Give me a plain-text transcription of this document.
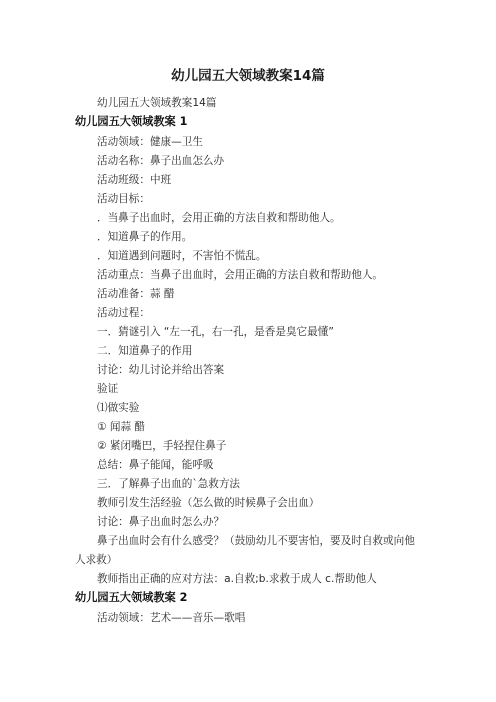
幼儿园五大领域教案14篇
幼儿园五大领域教案14篇
幼儿园五大领域教案 1
活动领域：健康—卫生
活动名称：鼻子出血怎么办
活动班级：中班
活动目标：
．当鼻子出血时，会用正确的方法自救和帮助他人。
．知道鼻子的作用。
．知道遇到问题时，不害怕不慌乱。
活动重点：当鼻子出血时，会用正确的方法自救和帮助他人。
活动准备：蒜 醋
活动过程：
一．猜谜引入 “左一孔，右一孔，是香是臭它最懂”
二．知道鼻子的作用
讨论：幼儿讨论并给出答案
验证
⑴做实验
① 闻蒜 醋
② 紧闭嘴巴，手轻捏住鼻子
总结：鼻子能闻，能呼吸
三．了解鼻子出血的`急救方法
教师引发生活经验（怎么做的时候鼻子会出血）
讨论：鼻子出血时怎么办？
鼻子出血时会有什么感受？（鼓励幼儿不要害怕，要及时自救或向他人求救）
教师指出正确的应对方法：a.自救;b.求救于成人 c.帮助他人
幼儿园五大领域教案 2
活动领域：艺术——音乐—歌唱
